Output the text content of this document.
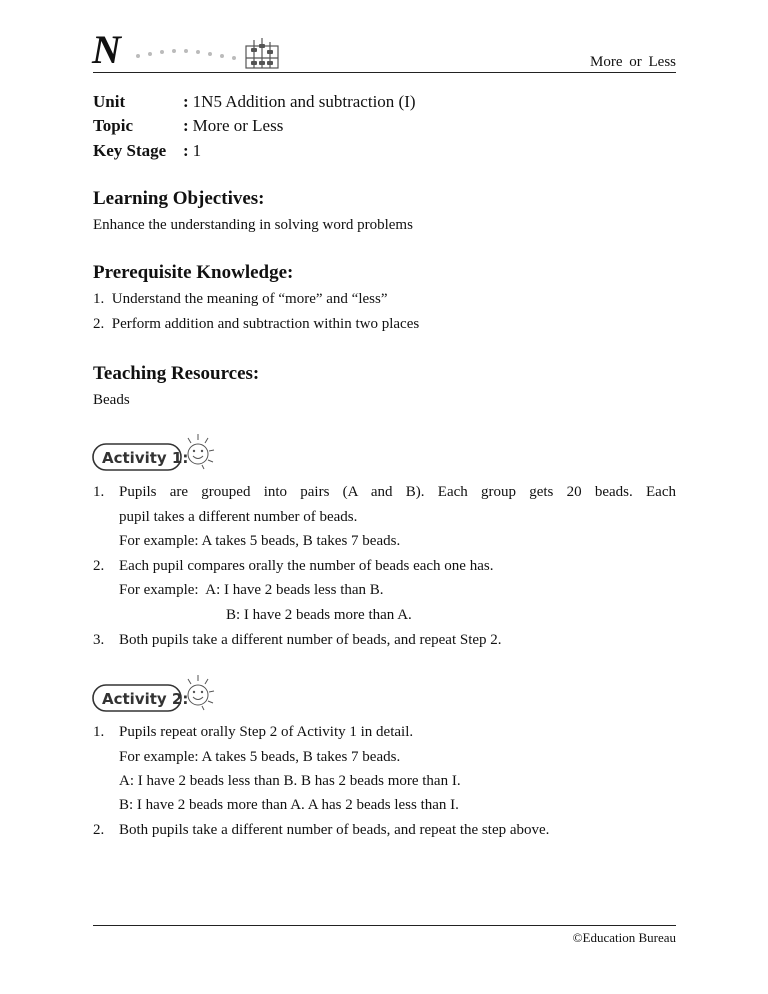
N	More or Less
Unit	: 1N5 Addition and subtraction (I)
Topic	: More or Less
Key Stage : 1
Learning Objectives:
Enhance the understanding in solving word problems
Prerequisite Knowledge:
1.  Understand the meaning of “more” and “less”
2.  Perform addition and subtraction within two places
Teaching Resources:
Beads
Activity 1:
1. Pupils are grouped into pairs (A and B). Each group gets 20 beads. Each
pupil takes a different number of beads.
For example: A takes 5 beads, B takes 7 beads.
2. Each pupil compares orally the number of beads each one has.
For example:  A: I have 2 beads less than B.
B: I have 2 beads more than A.
3. Both pupils take a different number of beads, and repeat Step 2.
Activity 2:
1. Pupils repeat orally Step 2 of Activity 1 in detail.
For example: A takes 5 beads, B takes 7 beads.
A: I have 2 beads less than B. B has 2 beads more than I.
B: I have 2 beads more than A. A has 2 beads less than I.
2. Both pupils take a different number of beads, and repeat the step above.
©Education Bureau
